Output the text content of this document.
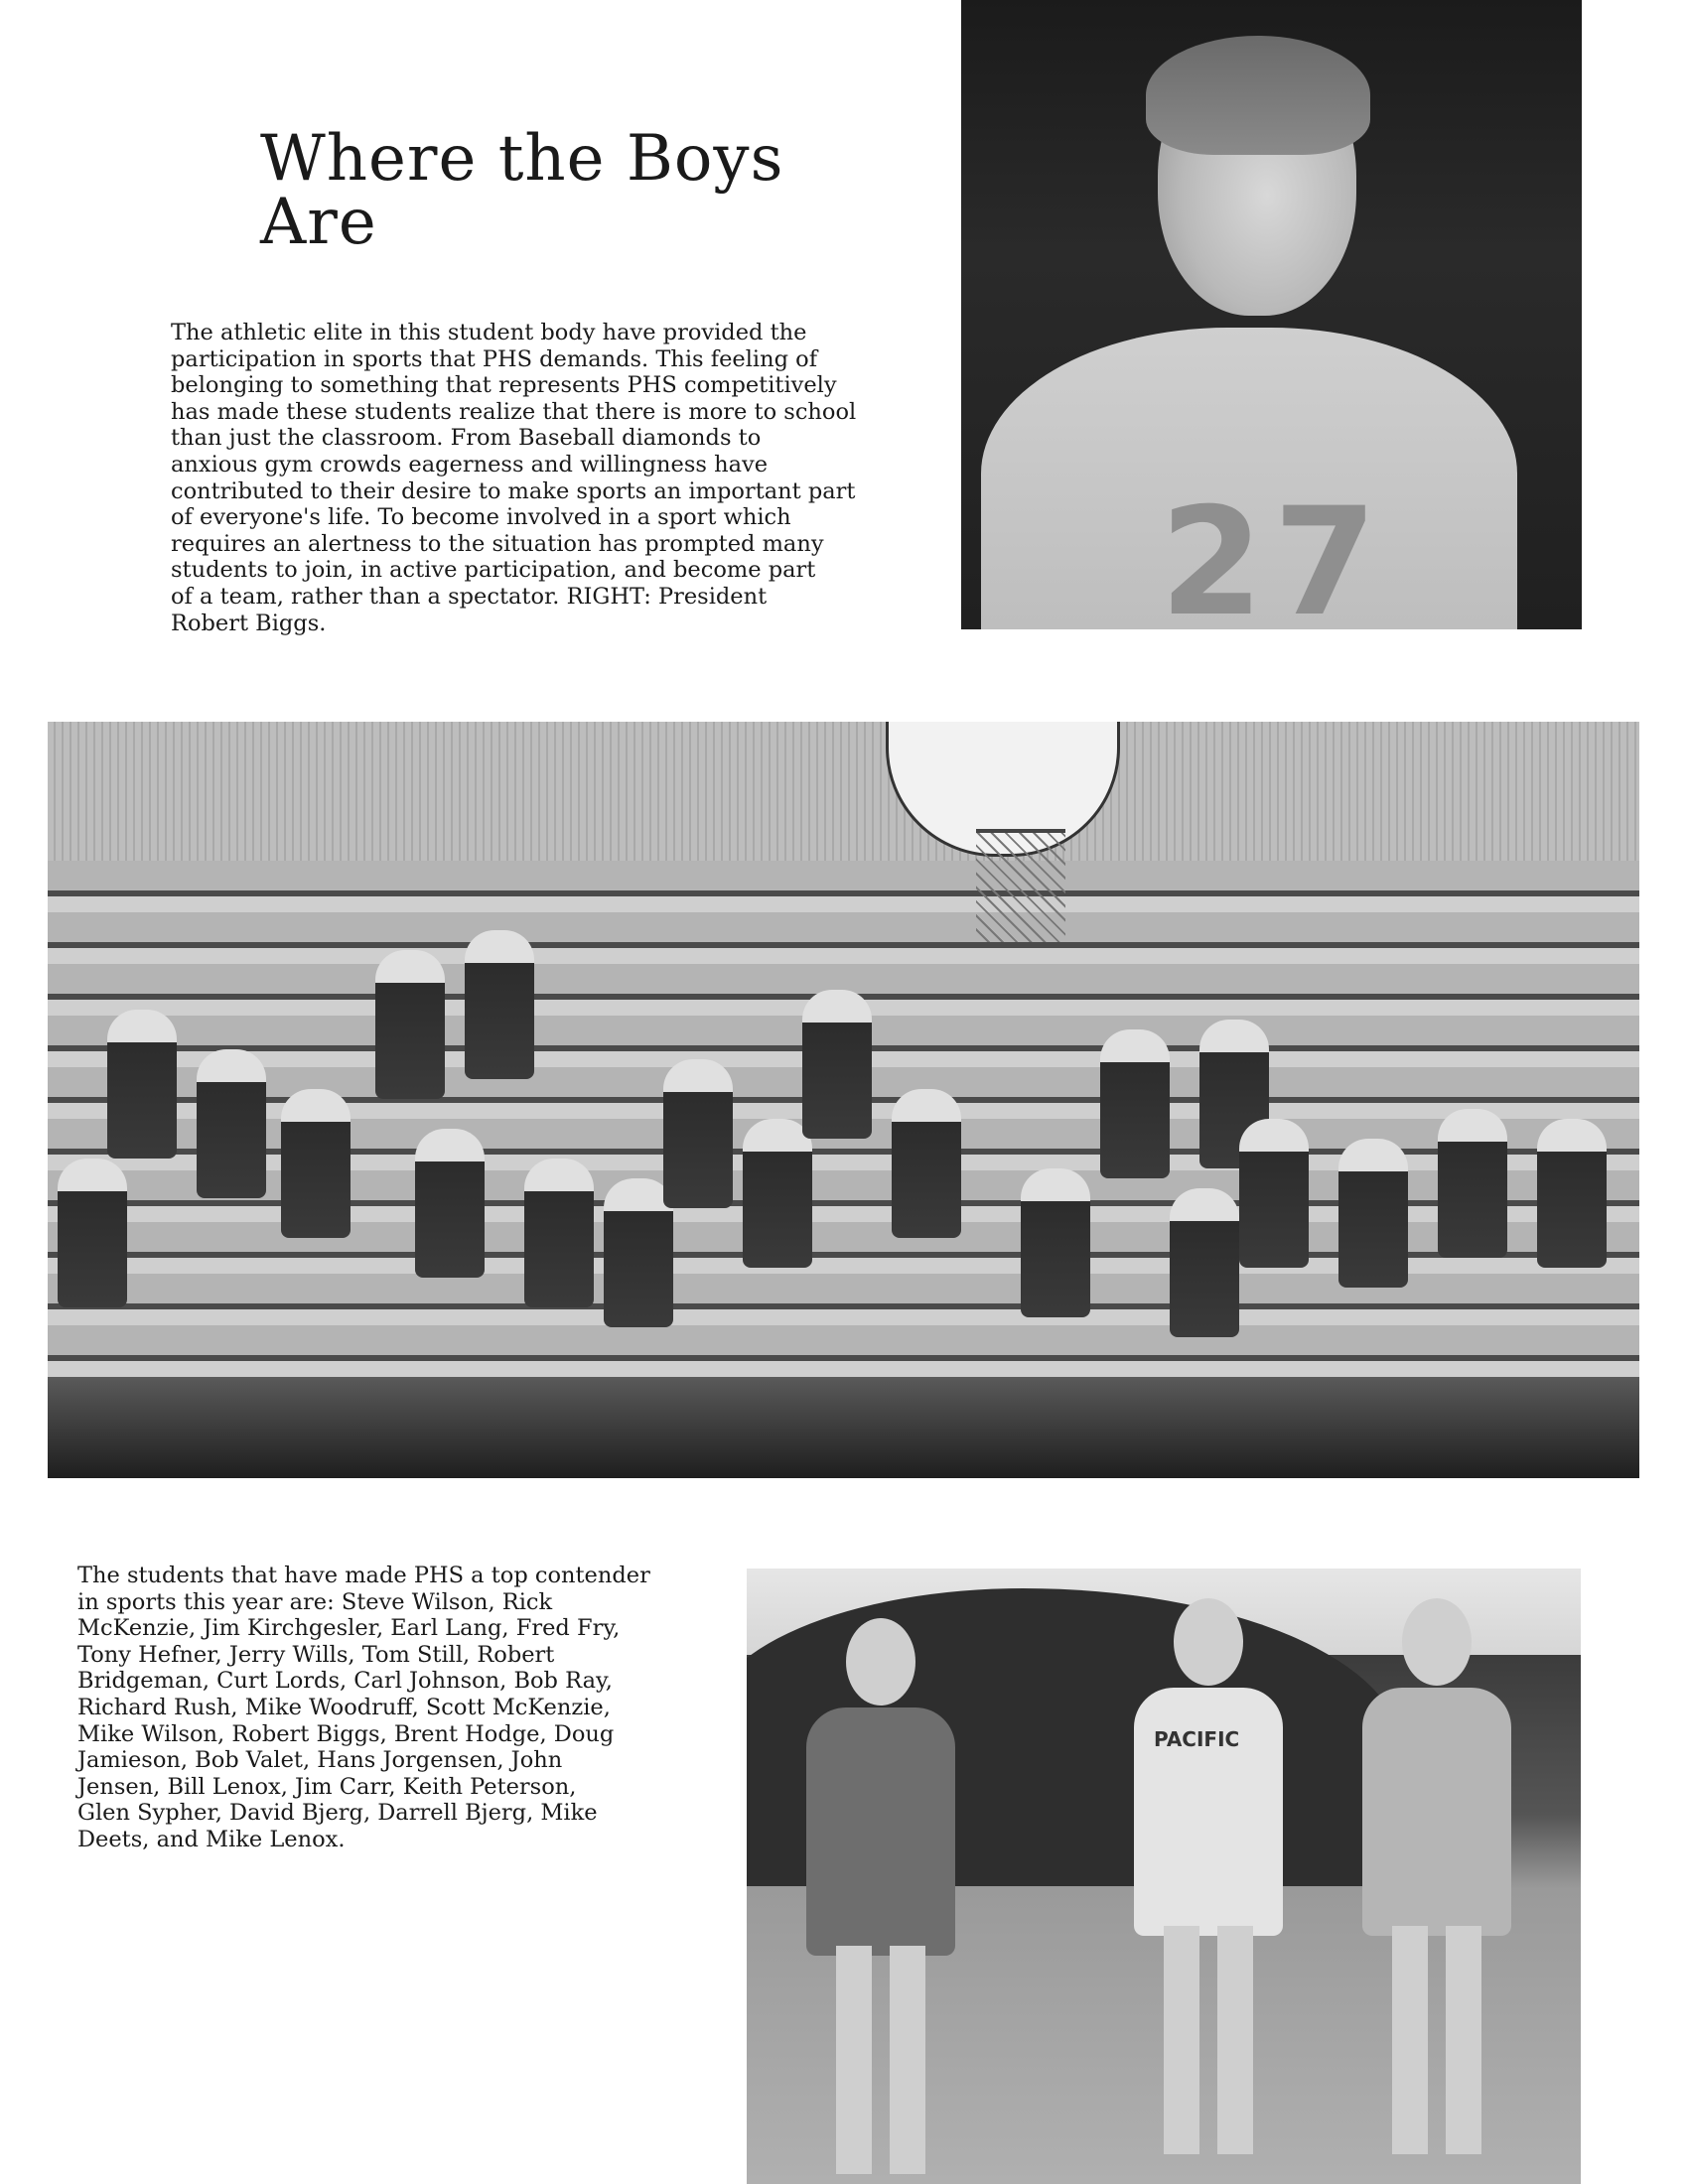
Where the Boys Are
The athletic elite in this student body have provided the
participation in sports that PHS demands. This feeling of
belonging to something that represents PHS competitively
has made these students realize that there is more to school
than just the classroom. From Baseball diamonds to
anxious gym crowds eagerness and willingness have
contributed to their desire to make sports an important part
of everyone's life. To become involved in a sport which
requires an alertness to the situation has prompted many
students to join, in active participation, and become part
of a team, rather than a spectator. RIGHT: President
Robert Biggs.	27
The students that have made PHS a top contender
in sports this year are: Steve Wilson, Rick
McKenzie, Jim Kirchgesler, Earl Lang, Fred Fry,
Tony Hefner, Jerry Wills, Tom Still, Robert
Bridgeman, Curt Lords, Carl Johnson, Bob Ray,
Richard Rush, Mike Woodruff, Scott McKenzie,
Mike Wilson, Robert Biggs, Brent Hodge, Doug
Jamieson, Bob Valet, Hans Jorgensen, John
Jensen, Bill Lenox, Jim Carr, Keith Peterson,
Glen Sypher, David Bjerg, Darrell Bjerg, Mike
Deets, and Mike Lenox.
PACIFIC
